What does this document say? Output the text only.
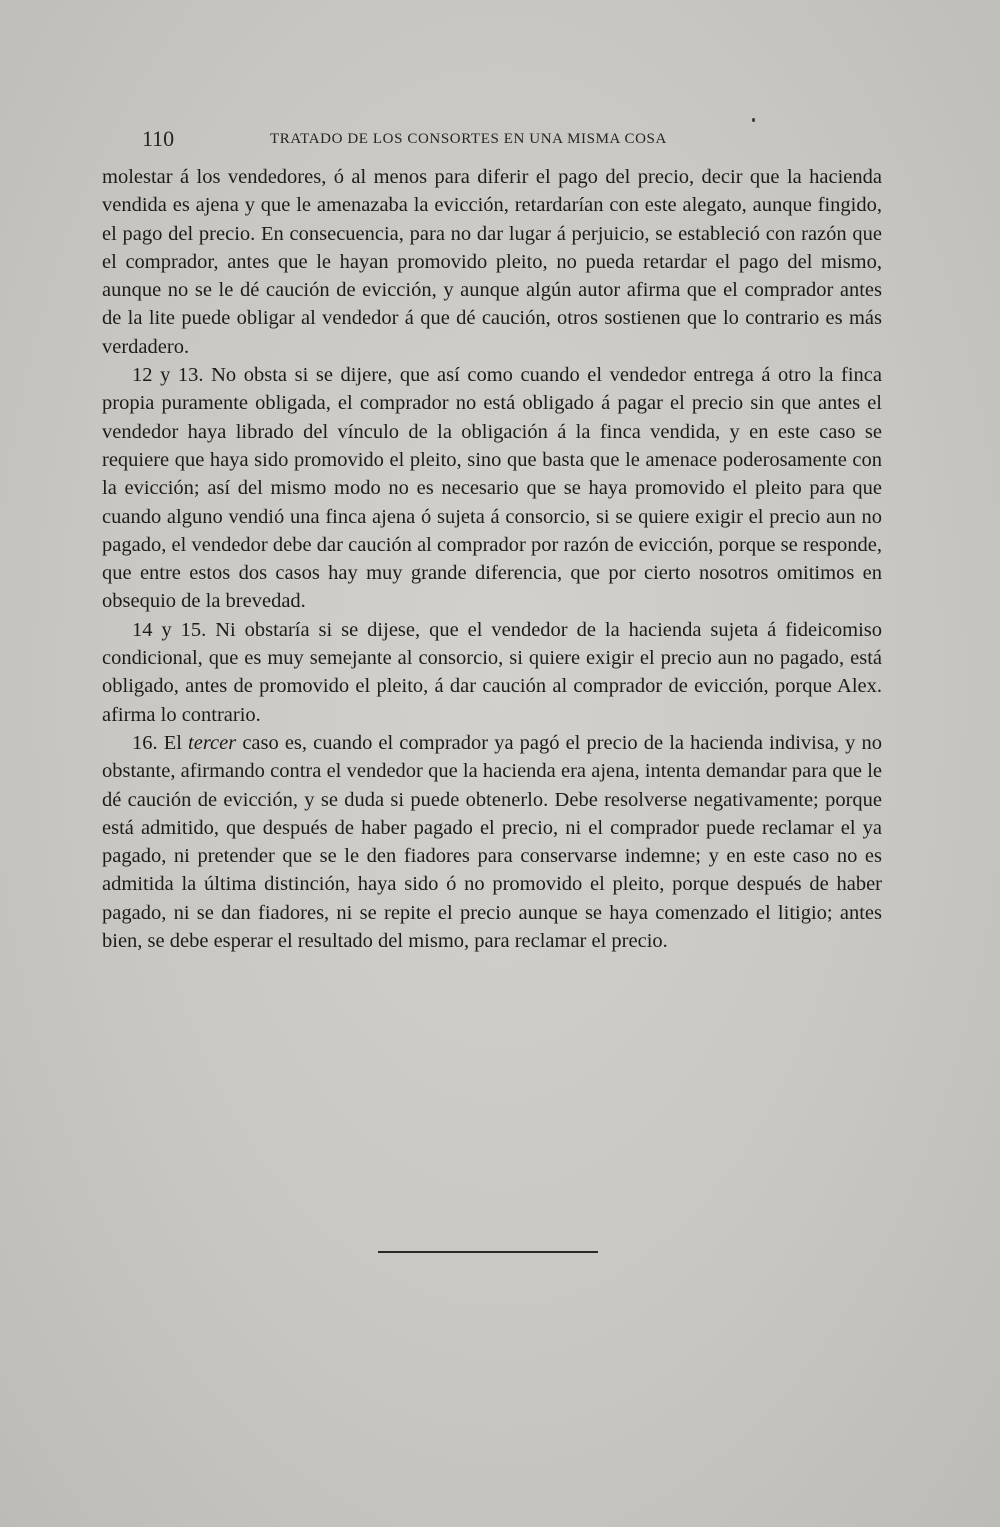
110	TRATADO DE LOS CONSORTES EN UNA MISMA COSA

molestar á los vendedores, ó al menos para diferir el pago del precio, decir que la hacienda vendida es ajena y que le amenazaba la evicción, retardarían con este alegato, aunque fingido, el pago del precio. En consecuencia, para no dar lugar á perjuicio, se estableció con razón que el comprador, antes que le hayan promovido pleito, no pueda retardar el pago del mismo, aunque no se le dé caución de evicción, y aunque algún autor afirma que el comprador antes de la lite puede obligar al vendedor á que dé caución, otros sostienen que lo contrario es más verdadero.

12 y 13. No obsta si se dijere, que así como cuando el vendedor entrega á otro la finca propia puramente obligada, el comprador no está obligado á pagar el precio sin que antes el vendedor haya librado del vínculo de la obligación á la finca vendida, y en este caso se requiere que haya sido promovido el pleito, sino que basta que le amenace poderosamente con la evicción; así del mismo modo no es necesario que se haya promovido el pleito para que cuando alguno vendió una finca ajena ó sujeta á consorcio, si se quiere exigir el precio aun no pagado, el vendedor debe dar caución al comprador por razón de evicción, porque se responde, que entre estos dos casos hay muy grande diferencia, que por cierto nosotros omitimos en obsequio de la brevedad.

14 y 15. Ni obstaría si se dijese, que el vendedor de la hacienda sujeta á fideicomiso condicional, que es muy semejante al consorcio, si quiere exigir el precio aun no pagado, está obligado, antes de promovido el pleito, á dar caución al comprador de evicción, porque Alex. afirma lo contrario.

16. El tercer caso es, cuando el comprador ya pagó el precio de la hacienda indivisa, y no obstante, afirmando contra el vendedor que la hacienda era ajena, intenta demandar para que le dé caución de evicción, y se duda si puede obtenerlo. Debe resolverse negativamente; porque está admitido, que después de haber pagado el precio, ni el comprador puede reclamar el ya pagado, ni pretender que se le den fiadores para conservarse indemne; y en este caso no es admitida la última distinción, haya sido ó no promovido el pleito, porque después de haber pagado, ni se dan fiadores, ni se repite el precio aunque se haya comenzado el litigio; antes bien, se debe esperar el resultado del mismo, para reclamar el precio.
